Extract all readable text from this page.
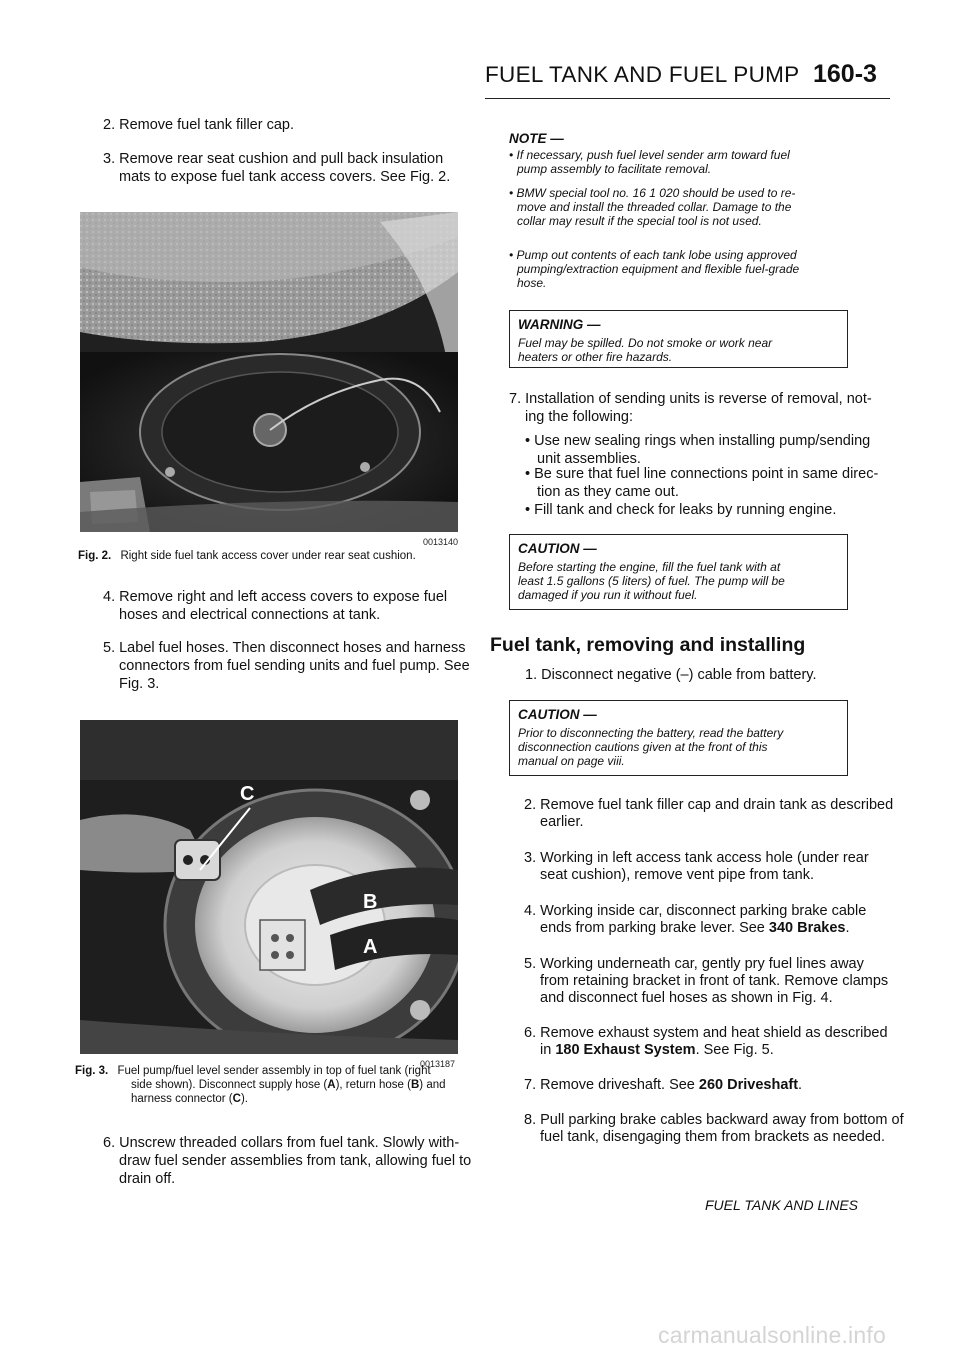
FUEL TANK AND FUEL PUMP 160-3
2. Remove fuel tank filler cap.
3. Remove rear seat cushion and pull back insulation
mats to expose fuel tank access covers. See Fig. 2.
0013140
Fig. 2. Right side fuel tank access cover under rear seat cushion.
4. Remove right and left access covers to expose fuel
hoses and electrical connections at tank.
5. Label fuel hoses. Then disconnect hoses and harness
connectors from fuel sending units and fuel pump. See
Fig. 3.
C
B
A
0013187
Fig. 3. Fuel pump/fuel level sender assembly in top of fuel tank (right
side shown). Disconnect supply hose (A), return hose (B) and
harness connector (C).
6. Unscrew threaded collars from fuel tank. Slowly with-
draw fuel sender assemblies from tank, allowing fuel to
drain off.
NOTE —
• If necessary, push fuel level sender arm toward fuel
pump assembly to facilitate removal.
• BMW special tool no. 16 1 020 should be used to re-
move and install the threaded collar. Damage to the
collar may result if the special tool is not used.
• Pump out contents of each tank lobe using approved
pumping/extraction equipment and flexible fuel-grade
hose.
WARNING —
Fuel may be spilled. Do not smoke or work near
heaters or other fire hazards.
7. Installation of sending units is reverse of removal, not-
ing the following:
• Use new sealing rings when installing pump/sending
unit assemblies.
• Be sure that fuel line connections point in same direc-
tion as they came out.
• Fill tank and check for leaks by running engine.
CAUTION —
Before starting the engine, fill the fuel tank with at
least 1.5 gallons (5 liters) of fuel. The pump will be
damaged if you run it without fuel.
Fuel tank, removing and installing
1. Disconnect negative (–) cable from battery.
CAUTION —
Prior to disconnecting the battery, read the battery
disconnection cautions given at the front of this
manual on page viii.
2. Remove fuel tank filler cap and drain tank as described
earlier.
3. Working in left access tank access hole (under rear
seat cushion), remove vent pipe from tank.
4. Working inside car, disconnect parking brake cable
ends from parking brake lever. See 340 Brakes.
5. Working underneath car, gently pry fuel lines away
from retaining bracket in front of tank. Remove clamps
and disconnect fuel hoses as shown in Fig. 4.
6. Remove exhaust system and heat shield as described
in 180 Exhaust System. See Fig. 5.
7. Remove driveshaft. See 260 Driveshaft.
8. Pull parking brake cables backward away from bottom of
fuel tank, disengaging them from brackets as needed.
FUEL TANK AND LINES
carmanualsonline.info
